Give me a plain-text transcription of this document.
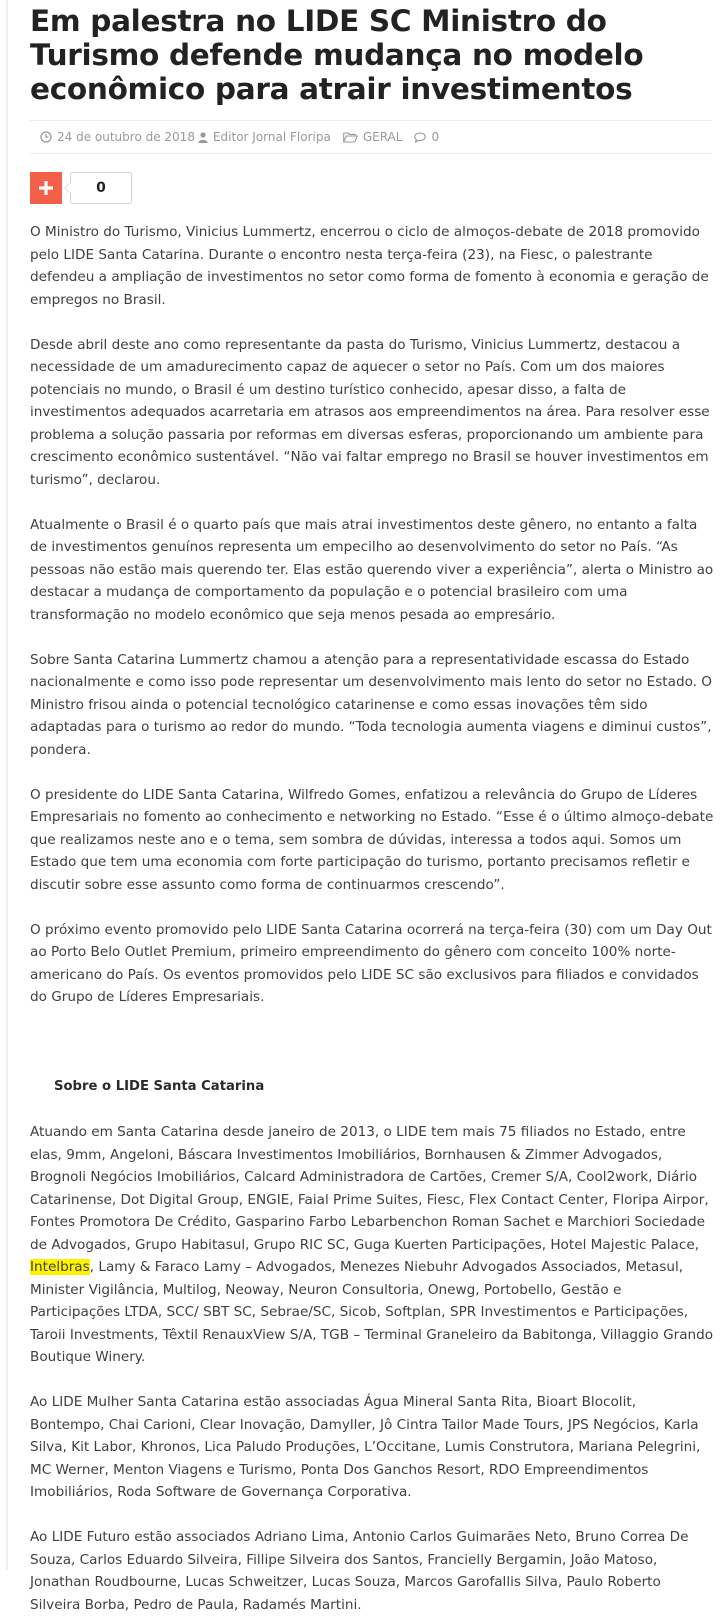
Em palestra no LIDE SC Ministro do Turismo defende mudança no modelo econômico para atrair investimentos
24 de outubro de 2018 Editor Jornal Floripa	GERAL 0
0

O Ministro do Turismo, Vinicius Lummertz, encerrou o ciclo de almoços-debate de 2018 promovido pelo LIDE Santa Catarina. Durante o encontro nesta terça-feira (23), na Fiesc, o palestrante defendeu a ampliação de investimentos no setor como forma de fomento à economia e geração de empregos no Brasil.

Desde abril deste ano como representante da pasta do Turismo, Vinicius Lummertz, destacou a necessidade de um amadurecimento capaz de aquecer o setor no País. Com um dos maiores potenciais no mundo, o Brasil é um destino turístico conhecido, apesar disso, a falta de investimentos adequados acarretaria em atrasos aos empreendimentos na área. Para resolver esse problema a solução passaria por reformas em diversas esferas, proporcionando um ambiente para crescimento econômico sustentável. “Não vai faltar emprego no Brasil se houver investimentos em turismo”, declarou.

Atualmente o Brasil é o quarto país que mais atrai investimentos deste gênero, no entanto a falta de investimentos genuínos representa um empecilho ao desenvolvimento do setor no País. “As pessoas não estão mais querendo ter. Elas estão querendo viver a experiência”, alerta o Ministro ao destacar a mudança de comportamento da população e o potencial brasileiro com uma transformação no modelo econômico que seja menos pesada ao empresário.

Sobre Santa Catarina Lummertz chamou a atenção para a representatividade escassa do Estado nacionalmente e como isso pode representar um desenvolvimento mais lento do setor no Estado. O Ministro frisou ainda o potencial tecnológico catarinense e como essas inovações têm sido adaptadas para o turismo ao redor do mundo. “Toda tecnologia aumenta viagens e diminui custos”, pondera.

O presidente do LIDE Santa Catarina, Wilfredo Gomes, enfatizou a relevância do Grupo de Líderes Empresariais no fomento ao conhecimento e networking no Estado. “Esse é o último almoço-debate que realizamos neste ano e o tema, sem sombra de dúvidas, interessa a todos aqui. Somos um Estado que tem uma economia com forte participação do turismo, portanto precisamos refletir e discutir sobre esse assunto como forma de continuarmos crescendo”.

O próximo evento promovido pelo LIDE Santa Catarina ocorrerá na terça-feira (30) com um Day Out ao Porto Belo Outlet Premium, primeiro empreendimento do gênero com conceito 100% norte-americano do País. Os eventos promovidos pelo LIDE SC são exclusivos para filiados e convidados do Grupo de Líderes Empresariais.

Sobre o LIDE Santa Catarina

Atuando em Santa Catarina desde janeiro de 2013, o LIDE tem mais 75 filiados no Estado, entre elas, 9mm, Angeloni, Báscara Investimentos Imobiliários, Bornhausen & Zimmer Advogados, Brognoli Negócios Imobiliários, Calcard Administradora de Cartões, Cremer S/A, Cool2work, Diário Catarinense, Dot Digital Group, ENGIE, Faial Prime Suites, Fiesc, Flex Contact Center, Floripa Airpor, Fontes Promotora De Crédito, Gasparino Farbo Lebarbenchon Roman Sachet e Marchiori Sociedade de Advogados, Grupo Habitasul, Grupo RIC SC, Guga Kuerten Participações, Hotel Majestic Palace, Intelbras, Lamy & Faraco Lamy – Advogados, Menezes Niebuhr Advogados Associados, Metasul, Minister Vigilância, Multilog, Neoway, Neuron Consultoria, Onewg, Portobello, Gestão e Participações LTDA, SCC/ SBT SC, Sebrae/SC, Sicob, Softplan, SPR Investimentos e Participações, Taroii Investments, Têxtil RenauxView S/A, TGB – Terminal Graneleiro da Babitonga, Villaggio Grando Boutique Winery.

Ao LIDE Mulher Santa Catarina estão associadas Água Mineral Santa Rita, Bioart Blocolit, Bontempo, Chai Carioni, Clear Inovação, Damyller, Jô Cintra Tailor Made Tours, JPS Negócios, Karla Silva, Kit Labor, Khronos, Lica Paludo Produções, L’Occitane, Lumis Construtora, Mariana Pelegrini, MC Werner, Menton Viagens e Turismo, Ponta Dos Ganchos Resort, RDO Empreendimentos Imobiliários, Roda Software de Governança Corporativa.

Ao LIDE Futuro estão associados Adriano Lima, Antonio Carlos Guimarães Neto, Bruno Correa De Souza, Carlos Eduardo Silveira, Fillipe Silveira dos Santos, Francielly Bergamin, João Matoso, Jonathan Roudbourne, Lucas Schweitzer, Lucas Souza, Marcos Garofallis Silva, Paulo Roberto Silveira Borba, Pedro de Paula, Radamés Martini.
